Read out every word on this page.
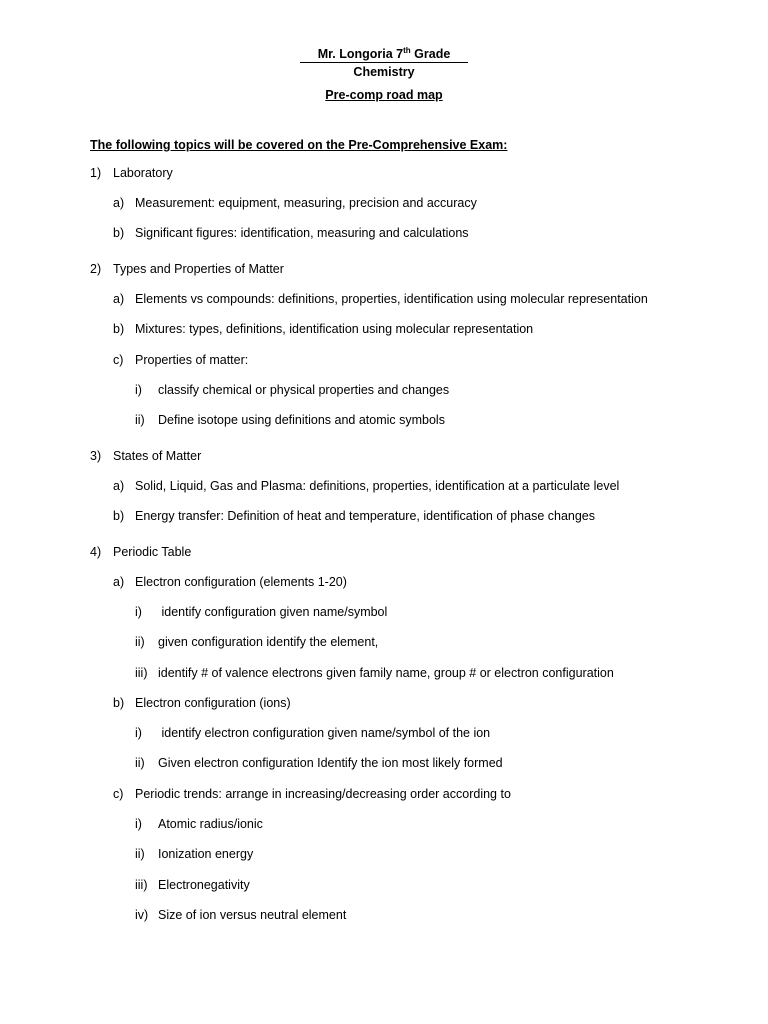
Mr. Longoria 7th Grade
Chemistry
Pre-comp road map
The following topics will be covered on the Pre-Comprehensive Exam:
1) Laboratory
a) Measurement: equipment, measuring, precision and accuracy
b) Significant figures: identification, measuring and calculations
2) Types and Properties of Matter
a) Elements vs compounds: definitions, properties, identification using molecular representation
b) Mixtures: types, definitions, identification using molecular representation
c) Properties of matter:
i) classify chemical or physical properties and changes
ii) Define isotope using definitions and atomic symbols
3) States of Matter
a) Solid, Liquid, Gas and Plasma: definitions, properties, identification at a particulate level
b) Energy transfer: Definition of heat and temperature, identification of phase changes
4) Periodic Table
a) Electron configuration (elements 1-20)
i) identify configuration given name/symbol
ii) given configuration identify the element,
iii) identify # of valence electrons given family name, group # or electron configuration
b) Electron configuration (ions)
i) identify electron configuration given name/symbol of the ion
ii) Given electron configuration Identify the ion most likely formed
c) Periodic trends: arrange in increasing/decreasing order according to
i) Atomic radius/ionic
ii) Ionization energy
iii) Electronegativity
iv) Size of ion versus neutral element
